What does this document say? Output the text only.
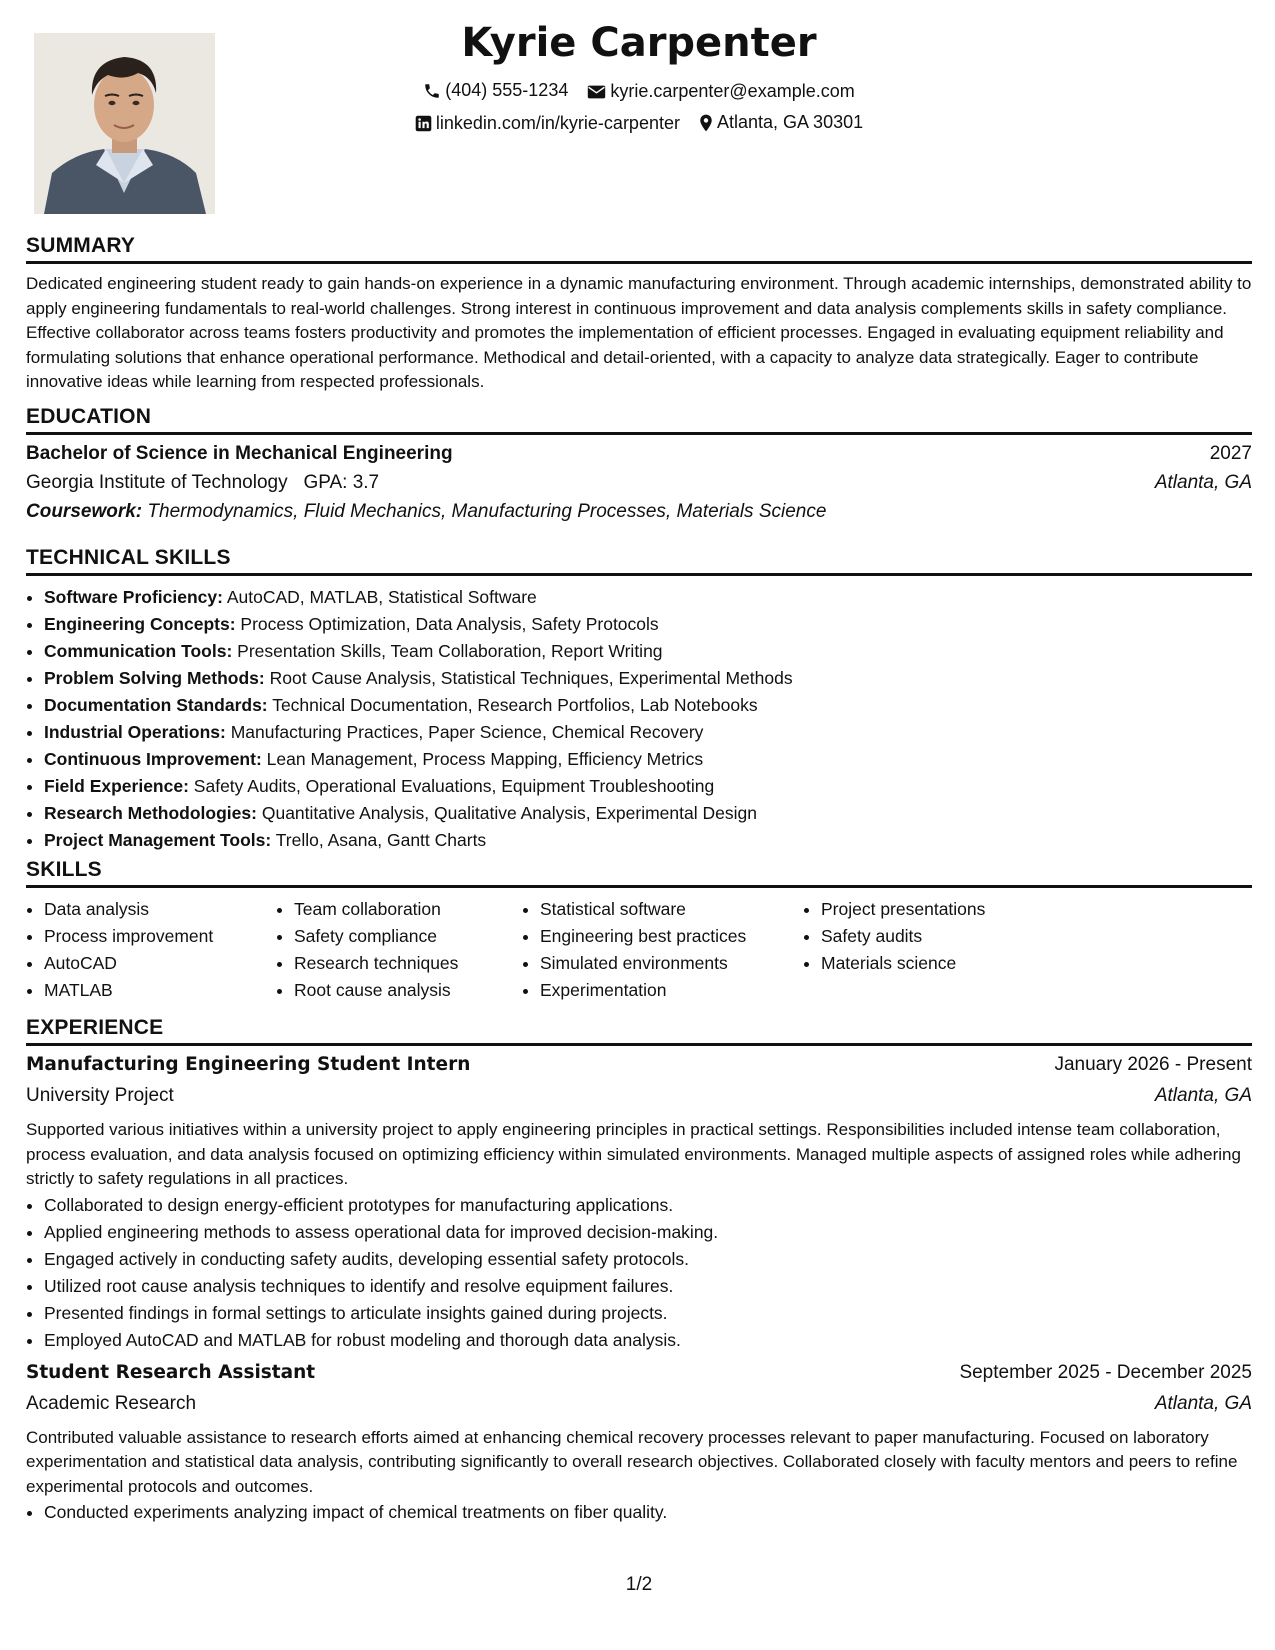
Kyrie Carpenter
(404) 555-1234
kyrie.carpenter@example.com
linkedin.com/in/kyrie-carpenter
Atlanta, GA 30301
SUMMARY

Dedicated engineering student ready to gain hands-on experience in a dynamic manufacturing environment. Through academic internships, demonstrated ability to apply engineering fundamentals to real-world challenges. Strong interest in continuous improvement and data analysis complements skills in safety compliance. Effective collaborator across teams fosters productivity and promotes the implementation of efficient processes. Engaged in evaluating equipment reliability and formulating solutions that enhance operational performance. Methodical and detail-oriented, with a capacity to analyze data strategically. Eager to contribute innovative ideas while learning from respected professionals.

EDUCATION
Bachelor of Science in Mechanical Engineering	2027
Georgia Institute of Technology GPA: 3.7	Atlanta, GA
Coursework: Thermodynamics, Fluid Mechanics, Manufacturing Processes, Materials Science
TECHNICAL SKILLS
• Software Proficiency: AutoCAD, MATLAB, Statistical Software
• Engineering Concepts: Process Optimization, Data Analysis, Safety Protocols
• Communication Tools: Presentation Skills, Team Collaboration, Report Writing
• Problem Solving Methods: Root Cause Analysis, Statistical Techniques, Experimental Methods
• Documentation Standards: Technical Documentation, Research Portfolios, Lab Notebooks
• Industrial Operations: Manufacturing Practices, Paper Science, Chemical Recovery
• Continuous Improvement: Lean Management, Process Mapping, Efficiency Metrics
• Field Experience: Safety Audits, Operational Evaluations, Equipment Troubleshooting
• Research Methodologies: Quantitative Analysis, Qualitative Analysis, Experimental Design
• Project Management Tools: Trello, Asana, Gantt Charts
SKILLS
• Data analysis
• Process improvement
• AutoCAD
• MATLAB
• Team collaboration
• Safety compliance
• Research techniques
• Root cause analysis
• Statistical software
• Engineering best practices
• Simulated environments
• Experimentation
• Project presentations
• Safety audits
• Materials science
EXPERIENCE
Manufacturing Engineering Student Intern	January 2026 - Present
University Project	Atlanta, GA

Supported various initiatives within a university project to apply engineering principles in practical settings. Responsibilities included intense team collaboration, process evaluation, and data analysis focused on optimizing efficiency within simulated environments. Managed multiple aspects of assigned roles while adhering strictly to safety regulations in all practices.

• Collaborated to design energy-efficient prototypes for manufacturing applications.
• Applied engineering methods to assess operational data for improved decision-making.
• Engaged actively in conducting safety audits, developing essential safety protocols.
• Utilized root cause analysis techniques to identify and resolve equipment failures.
• Presented findings in formal settings to articulate insights gained during projects.
• Employed AutoCAD and MATLAB for robust modeling and thorough data analysis.
Student Research Assistant	September 2025 - December 2025
Academic Research	Atlanta, GA

Contributed valuable assistance to research efforts aimed at enhancing chemical recovery processes relevant to paper manufacturing. Focused on laboratory experimentation and statistical data analysis, contributing significantly to overall research objectives. Collaborated closely with faculty mentors and peers to refine experimental protocols and outcomes.

• Conducted experiments analyzing impact of chemical treatments on fiber quality.
1/2
